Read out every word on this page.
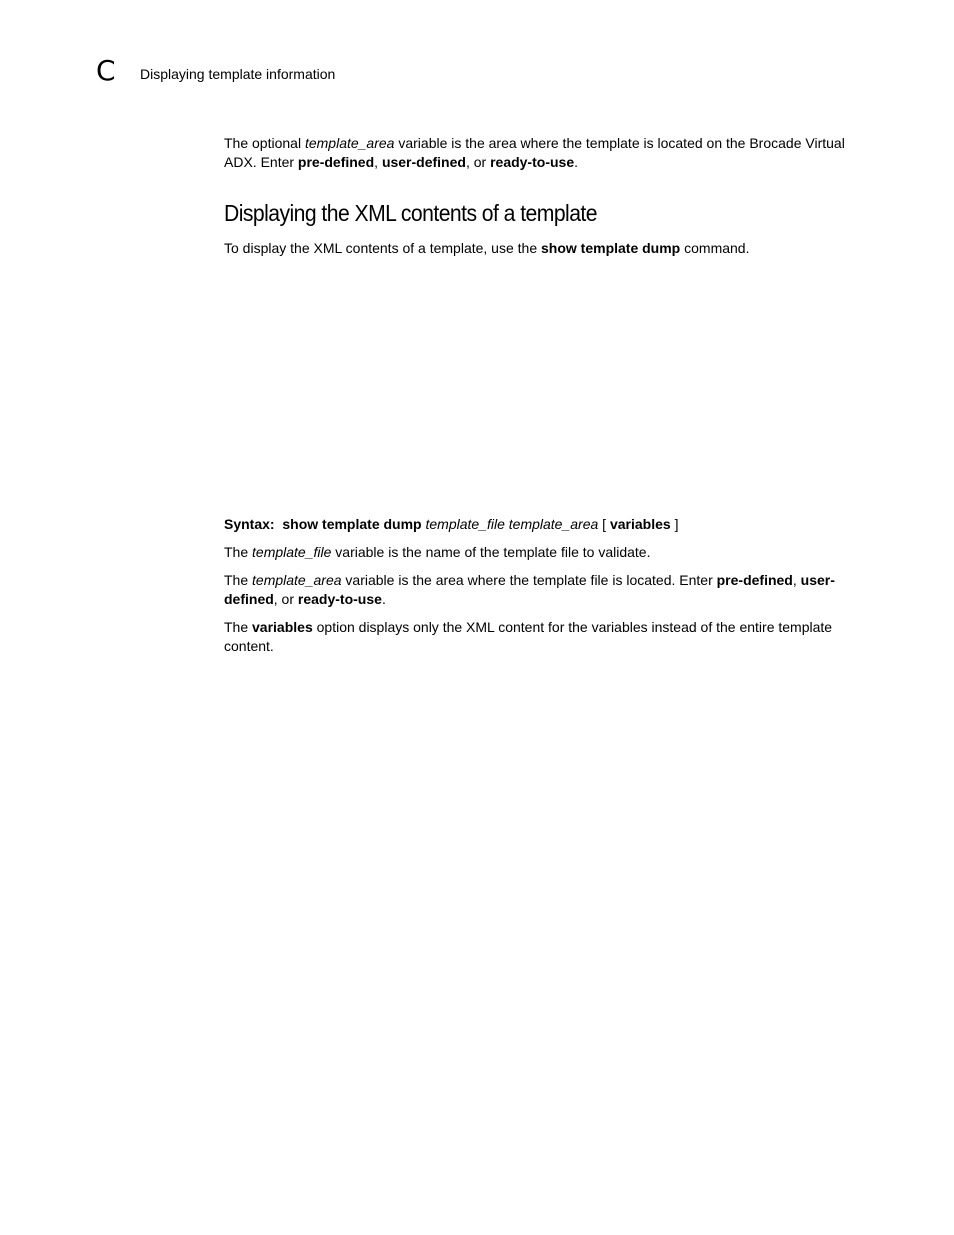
C Displaying template information

The optional template_area variable is the area where the template is located on the Brocade Virtual ADX. Enter pre-defined, user-defined, or ready-to-use.

Displaying the XML contents of a template

To display the XML contents of a template, use the show template dump command.

Syntax: show template dump template_file template_area [ variables ]

The template_file variable is the name of the template file to validate.

The template_area variable is the area where the template file is located. Enter pre-defined, user-defined, or ready-to-use.

The variables option displays only the XML content for the variables instead of the entire template content.
